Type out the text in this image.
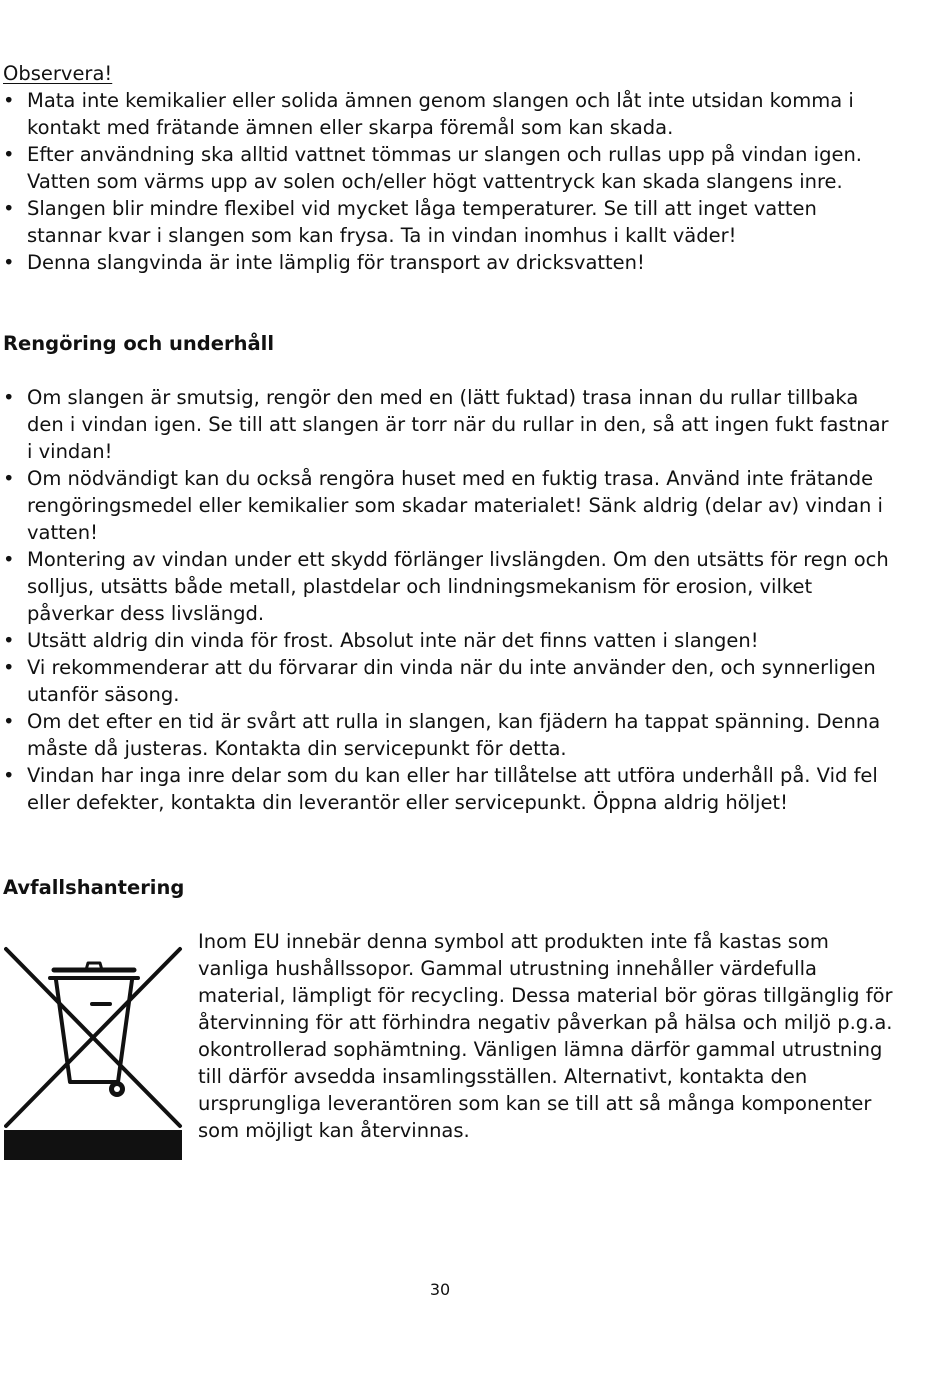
Observera!
• Mata inte kemikalier eller solida ämnen genom slangen och låt inte utsidan komma i kontakt med frätande ämnen eller skarpa föremål som kan skada.
• Efter användning ska alltid vattnet tömmas ur slangen och rullas upp på vindan igen. Vatten som värms upp av solen och/eller högt vattentryck kan skada slangens inre.
• Slangen blir mindre flexibel vid mycket låga temperaturer. Se till att inget vatten stannar kvar i slangen som kan frysa. Ta in vindan inomhus i kallt väder!
• Denna slangvinda är inte lämplig för transport av dricksvatten!
Rengöring och underhåll
• Om slangen är smutsig, rengör den med en (lätt fuktad) trasa innan du rullar tillbaka den i vindan igen. Se till att slangen är torr när du rullar in den, så att ingen fukt fastnar i vindan!
• Om nödvändigt kan du också rengöra huset med en fuktig trasa. Använd inte frätande rengöringsmedel eller kemikalier som skadar materialet! Sänk aldrig (delar av) vindan i vatten!
• Montering av vindan under ett skydd förlänger livslängden. Om den utsätts för regn och solljus, utsätts både metall, plastdelar och lindningsmekanism för erosion, vilket påverkar dess livslängd.
• Utsätt aldrig din vinda för frost. Absolut inte när det finns vatten i slangen!
• Vi rekommenderar att du förvarar din vinda när du inte använder den, och synnerligen utanför säsong.
• Om det efter en tid är svårt att rulla in slangen, kan fjädern ha tappat spänning. Denna måste då justeras. Kontakta din servicepunkt för detta.
• Vindan har inga inre delar som du kan eller har tillåtelse att utföra underhåll på. Vid fel eller defekter, kontakta din leverantör eller servicepunkt. Öppna aldrig höljet!
Avfallshantering

Inom EU innebär denna symbol att produkten inte få kastas som vanliga hushållssopor. Gammal utrustning innehåller värdefulla material, lämpligt för recycling. Dessa material bör göras tillgänglig för återvinning för att förhindra negativ påverkan på hälsa och miljö p.g.a. okontrollerad sophämtning. Vänligen lämna därför gammal utrustning till därför avsedda insamlingsställen. Alternativt, kontakta den ursprungliga leverantören som kan se till att så många komponenter som möjligt kan återvinnas.

30
